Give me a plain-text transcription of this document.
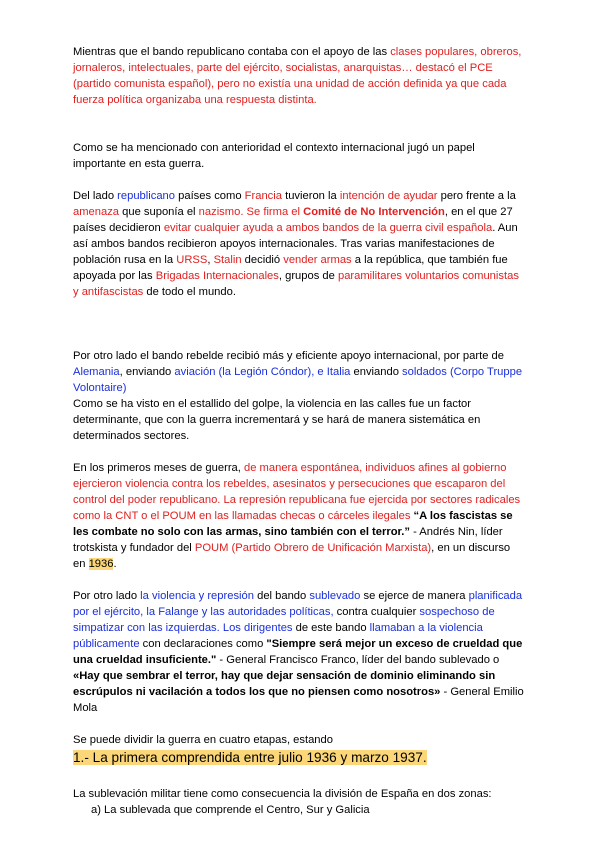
Mientras que el bando republicano contaba con el apoyo de las clases populares, obreros, jornaleros, intelectuales, parte del ejército, socialistas, anarquistas… destacó el PCE (partido comunista español), pero no existía una unidad de acción definida ya que cada fuerza política organizaba una respuesta distinta.

Como se ha mencionado con anterioridad el contexto internacional jugó un papel importante en esta guerra.

Del lado republicano países como Francia tuvieron la intención de ayudar pero frente a la amenaza que suponía el nazismo. Se firma el Comité de No Intervención, en el que 27 países decidieron evitar cualquier ayuda a ambos bandos de la guerra civil española. Aun así ambos bandos recibieron apoyos internacionales. Tras varias manifestaciones de población rusa en la URSS, Stalin decidió vender armas a la república, que también fue apoyada por las Brigadas Internacionales, grupos de paramilitares voluntarios comunistas y antifascistas de todo el mundo.

Por otro lado el bando rebelde recibió más y eficiente apoyo internacional, por parte de Alemania, enviando aviación (la Legión Cóndor), e Italia enviando soldados (Corpo Truppe Volontaire)

Como se ha visto en el estallido del golpe, la violencia en las calles fue un factor determinante, que con la guerra incrementará y se hará de manera sistemática en determinados sectores.

En los primeros meses de guerra, de manera espontánea, individuos afines al gobierno ejercieron violencia contra los rebeldes, asesinatos y persecuciones que escaparon del control del poder republicano. La represión republicana fue ejercida por sectores radicales como la CNT o el POUM en las llamadas checas o cárceles ilegales “A los fascistas se les combate no solo con las armas, sino también con el terror.” - Andrés Nin, líder trotskista y fundador del POUM (Partido Obrero de Unificación Marxista), en un discurso en 1936.

Por otro lado la violencia y represión del bando sublevado se ejerce de manera planificada por el ejército, la Falange y las autoridades políticas, contra cualquier sospechoso de simpatizar con las izquierdas. Los dirigentes de este bando llamaban a la violencia públicamente con declaraciones como "Siempre será mejor un exceso de crueldad que una crueldad insuficiente." - General Francisco Franco, líder del bando sublevado o «Hay que sembrar el terror, hay que dejar sensación de dominio eliminando sin escrúpulos ni vacilación a todos los que no piensen como nosotros» - General Emilio Mola

Se puede dividir la guerra en cuatro etapas, estando

1.- La primera comprendida entre julio 1936 y marzo 1937.

La sublevación militar tiene como consecuencia la división de España en dos zonas:

a) La sublevada que comprende el Centro, Sur y Galicia
